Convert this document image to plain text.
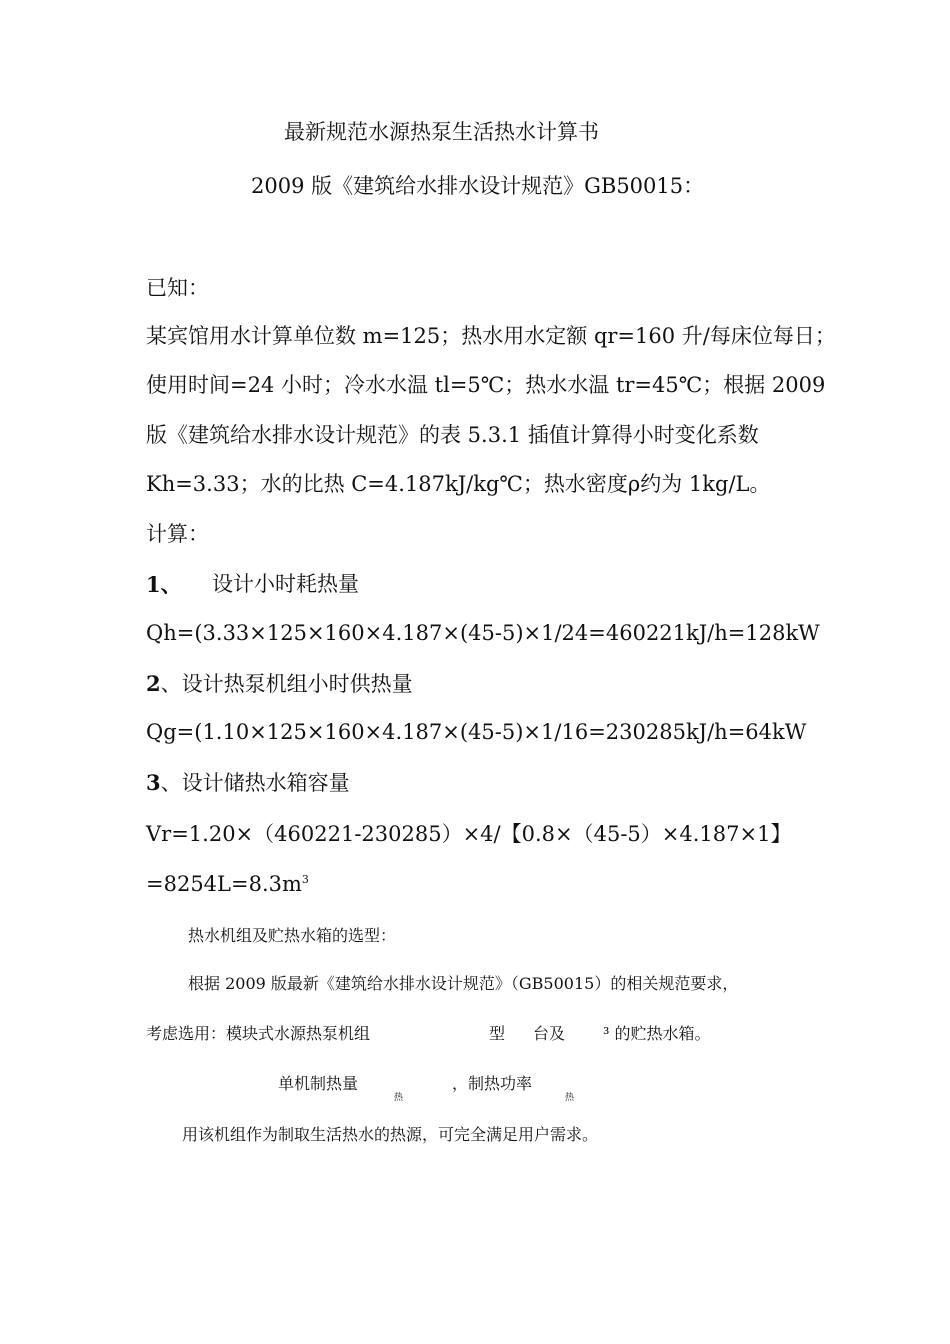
最新规范水源热泵生活热水计算书
2009 版《建筑给水排水设计规范》GB50015：
已知：
某宾馆用水计算单位数 m=125；热水用水定额 qr=160 升/每床位每日；
使用时间=24 小时；冷水水温 tl=5℃；热水水温 tr=45℃；根据 2009
版《建筑给水排水设计规范》的表 5.3.1 插值计算得小时变化系数
Kh=3.33；水的比热 C=4.187kJ/kg℃；热水密度ρ约为 1kg/L。
计算：
1、 设计小时耗热量
Qh=(3.33×125×160×4.187×(45-5)×1/24=460221kJ/h=128kW
2、设计热泵机组小时供热量
Qg=(1.10×125×160×4.187×(45-5)×1/16=230285kJ/h=64kW
3、设计储热水箱容量
Vr=1.20×（460221-230285）×4/【0.8×（45-5）×4.187×1】
$=8254L=8.3m^3$
热水机组及贮热水箱的选型：
根据 2009 版最新《建筑给水排水设计规范》（GB50015）的相关规范要求，
考虑选用：模块式水源热泵机组	型 台及 ³ 的贮热水箱。
单机制热量
热
，制热功率
热
用该机组作为制取生活热水的热源，可完全满足用户需求。
